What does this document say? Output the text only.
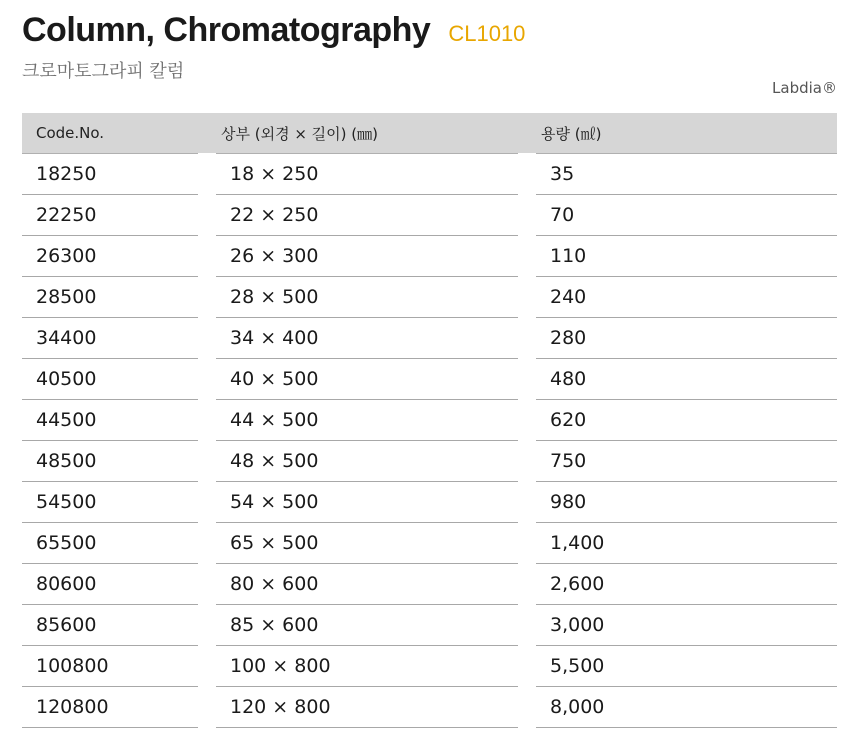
Column, Chromatography CL1010
크로마토그라피 칼럼
Labdia®
Code.No.	상부 (외경 × 길이) (㎜)	용량 (㎖)
18250	18 × 250	35
22250	22 × 250	70
26300	26 × 300	110
28500	28 × 500	240
34400	34 × 400	280
40500	40 × 500	480
44500	44 × 500	620
48500	48 × 500	750
54500	54 × 500	980
65500	65 × 500	1,400
80600	80 × 600	2,600
85600	85 × 600	3,000
100800	100 × 800	5,500
120800	120 × 800	8,000
